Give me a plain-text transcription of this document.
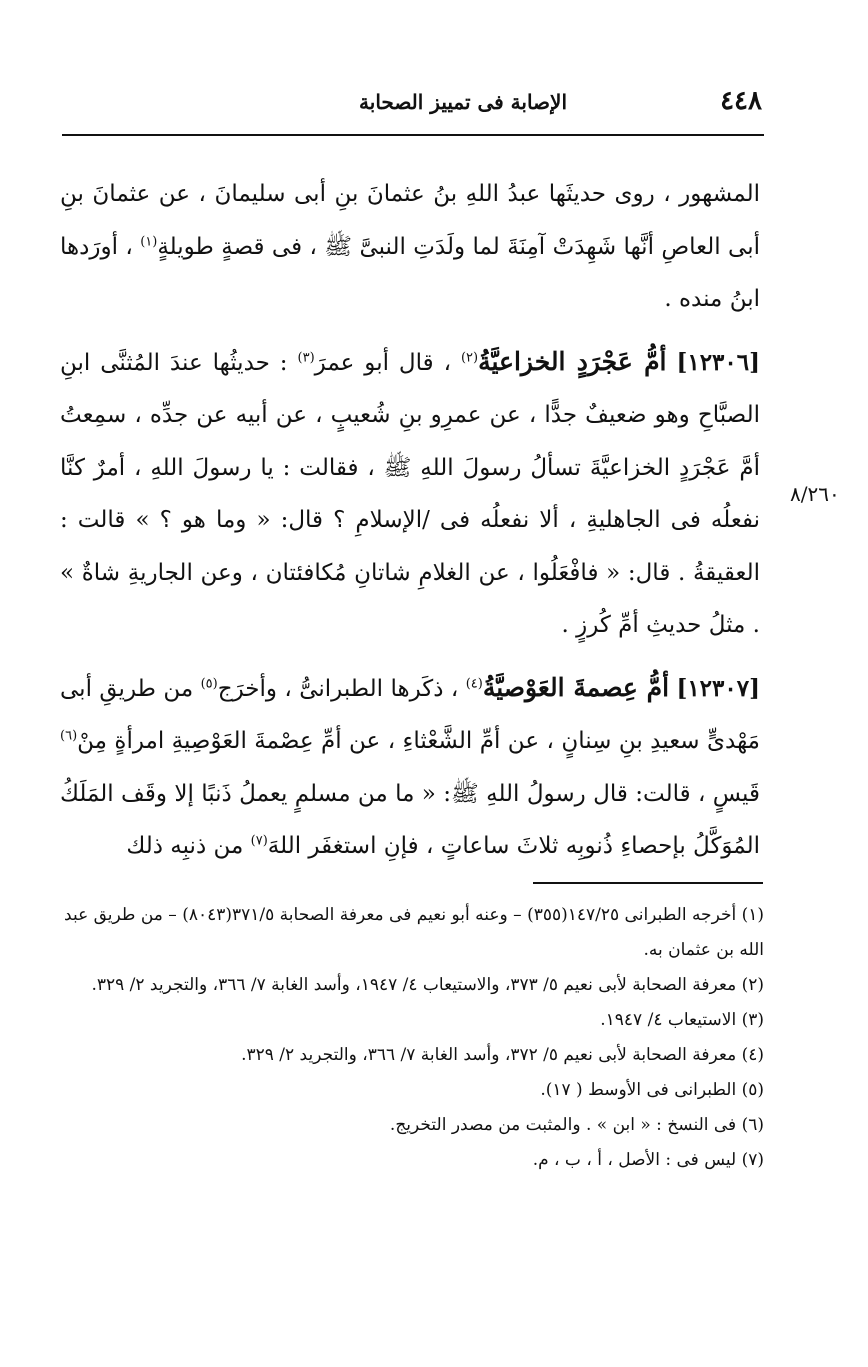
٤٤٨
الإصابة فى تمييز الصحابة

المشهور ، روى حديثَها عبدُ اللهِ بنُ عثمانَ بنِ أبى سليمانَ ، عن عثمانَ بنِ أبى العاصِ أنَّها شَهِدَتْ آمِنَةَ لما ولَدَتِ النبىَّ ﷺ ، فى قصةٍ طويلةٍ$^{(١)}$ ، أورَدها ابنُ منده .

[١٢٣٠٦] أمُّ عَجْرَدٍ الخزاعيَّةُ$^{(٢)}$ ، قال أبو عمرَ$^{(٣)}$ : حديثُها عندَ المُثنَّى ابنِ الصبَّاحِ وهو ضعيفٌ جدًّا ، عن عمرِو بنِ شُعيبٍ ، عن أبيه عن جدِّه ، سمِعتُ أمَّ عَجْرَدٍ الخزاعيَّةَ تسألُ رسولَ اللهِ ﷺ ، فقالت : يا رسولَ اللهِ ، أمرٌ كنَّا نفعلُه فى الجاهليةِ ، ألا نفعلُه فى /الإسلامِ ؟ قال: « وما هو ؟ » قالت : العقيقةُ . قال: « فافْعَلُوا ، عن الغلامِ شاتانِ مُكافئتان ، وعن الجاريةِ شاةٌ » . مثلُ حديثِ أمِّ كُرزٍ .

[١٢٣٠٧] أمُّ عِصمةَ العَوْصيَّةُ$^{(٤)}$ ، ذكَرها الطبرانىُّ ، وأخرَج$^{(٥)}$ من طريقِ أبى مَهْدىٍّ سعيدِ بنِ سِنانٍ ، عن أمِّ الشَّعْثاءِ ، عن أمِّ عِصْمةَ العَوْصِيةِ امرأةٍ مِنْ$^{(٦)}$ قَيسٍ ، قالت: قال رسولُ اللهِ ﷺ: « ما من مسلمٍ يعملُ ذَنبًا إلا وقَف المَلَكُ المُوَكَّلُ بإحصاءِ ذُنوبِه ثلاثَ ساعاتٍ ، فإنِ استغفَر اللهَ$^{(٧)}$ من ذنبِه ذلك

٨/٢٦٠

(١) أخرجه الطبرانى ١٤٧/٢٥(٣٥٥) – وعنه أبو نعيم فى معرفة الصحابة ٣٧١/٥(٨٠٤٣) – من طريق عبد الله بن عثمان به.

(٢) معرفة الصحابة لأبى نعيم ٥/ ٣٧٣، والاستيعاب ٤/ ١٩٤٧، وأسد الغابة ٧/ ٣٦٦، والتجريد ٢/ ٣٢٩.

(٣) الاستيعاب ٤/ ١٩٤٧.

(٤) معرفة الصحابة لأبى نعيم ٥/ ٣٧٢، وأسد الغابة ٧/ ٣٦٦، والتجريد ٢/ ٣٢٩.

(٥) الطبرانى فى الأوسط ( ١٧).

(٦) فى النسخ : « ابن » . والمثبت من مصدر التخريج.

(٧) ليس فى : الأصل ، أ ، ب ، م.
